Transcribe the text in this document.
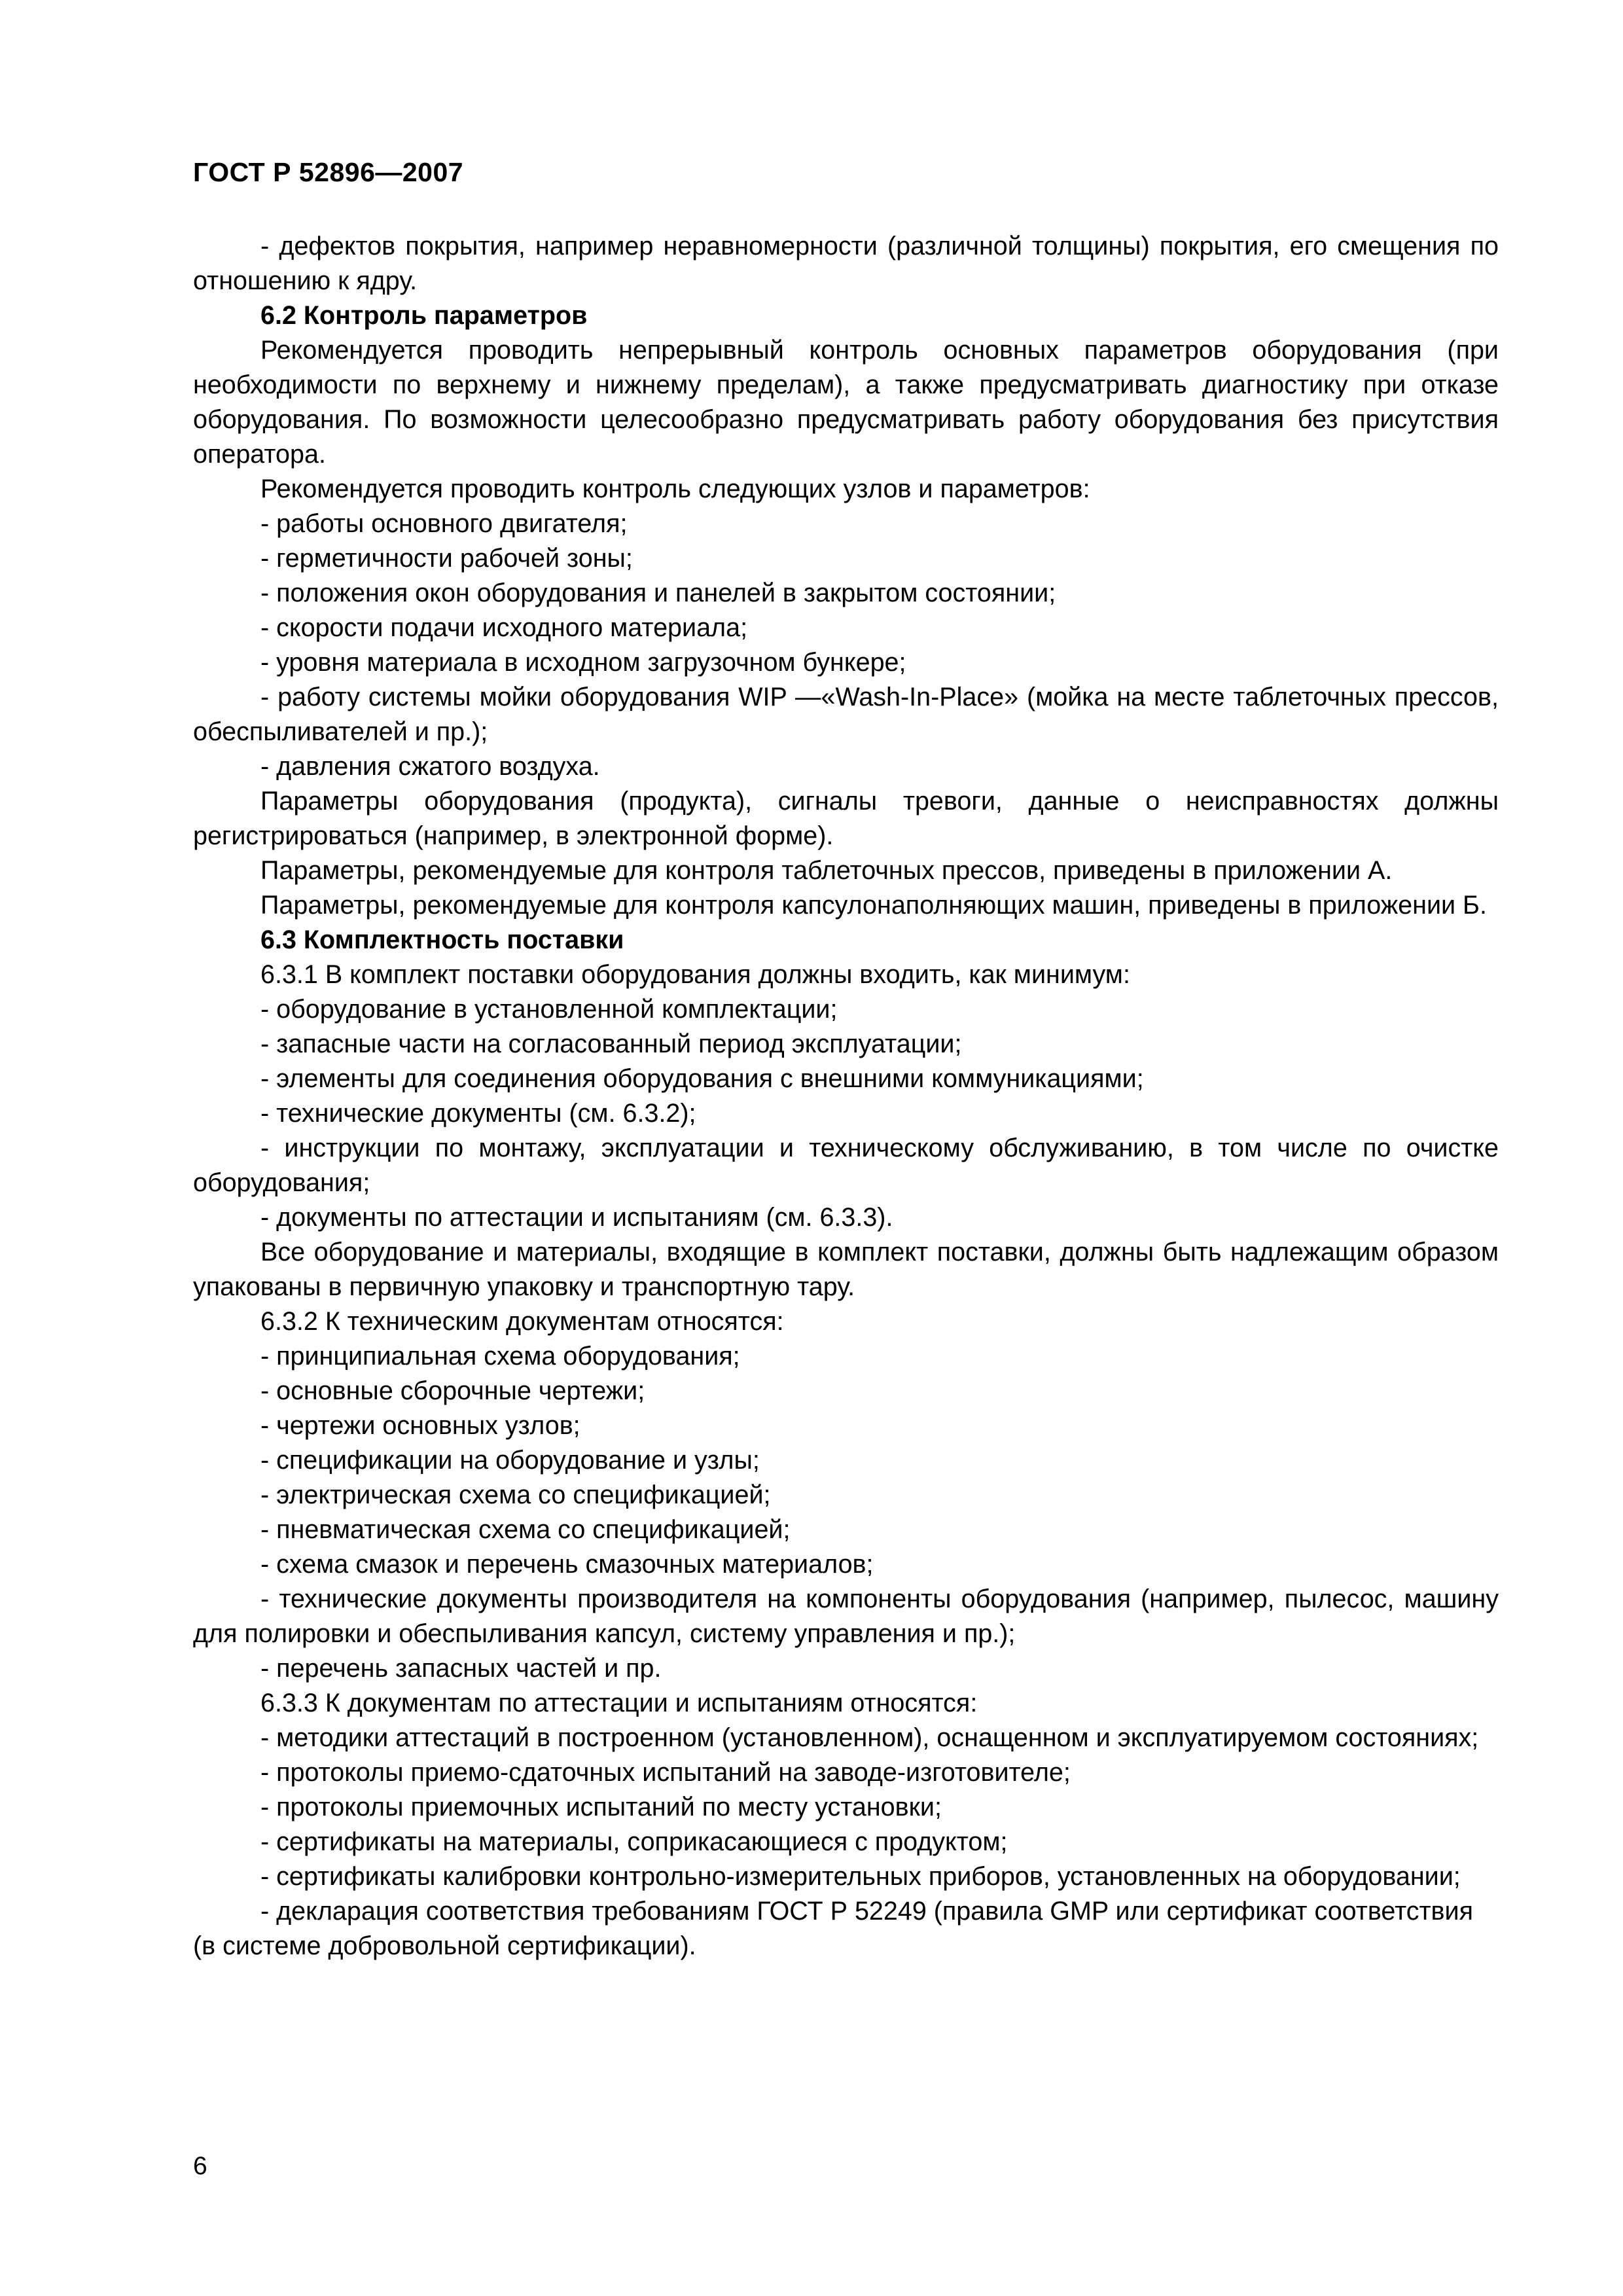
ГОСТ Р 52896—2007

- дефектов покрытия, например неравномерности (различной толщины) покрытия, его смещения по отношению к ядру.

6.2 Контроль параметров

Рекомендуется проводить непрерывный контроль основных параметров оборудования (при необходимости по верхнему и нижнему пределам), а также предусматривать диагностику при отказе оборудования. По возможности целесообразно предусматривать работу оборудования без присутствия оператора.

Рекомендуется проводить контроль следующих узлов и параметров:

- работы основного двигателя;

- герметичности рабочей зоны;

- положения окон оборудования и панелей в закрытом состоянии;

- скорости подачи исходного материала;

- уровня материала в исходном загрузочном бункере;

- работу системы мойки оборудования WIP —«Wash-In-Place» (мойка на месте таблеточных прессов, обеспыливателей и пр.);

- давления сжатого воздуха.

Параметры оборудования (продукта), сигналы тревоги, данные о неисправностях должны регистрироваться (например, в электронной форме).

Параметры, рекомендуемые для контроля таблеточных прессов, приведены в приложении А.

Параметры, рекомендуемые для контроля капсулонаполняющих машин, приведены в приложении Б.

6.3 Комплектность поставки

6.3.1 В комплект поставки оборудования должны входить, как минимум:

- оборудование в установленной комплектации;

- запасные части на согласованный период эксплуатации;

- элементы для соединения оборудования с внешними коммуникациями;

- технические документы (см. 6.3.2);

- инструкции по монтажу, эксплуатации и техническому обслуживанию, в том числе по очистке оборудования;

- документы по аттестации и испытаниям (см. 6.3.3).

Все оборудование и материалы, входящие в комплект поставки, должны быть надлежащим образом упакованы в первичную упаковку и транспортную тару.

6.3.2 К техническим документам относятся:

- принципиальная схема оборудования;

- основные сборочные чертежи;

- чертежи основных узлов;

- спецификации на оборудование и узлы;

- электрическая схема со спецификацией;

- пневматическая схема со спецификацией;

- схема смазок и перечень смазочных материалов;

- технические документы производителя на компоненты оборудования (например, пылесос, машину для полировки и обеспыливания капсул, систему управления и пр.);

- перечень запасных частей и пр.

6.3.3 К документам по аттестации и испытаниям относятся:

- методики аттестаций в построенном (установленном), оснащенном и эксплуатируемом состояниях;

- протоколы приемо-сдаточных испытаний на заводе-изготовителе;

- протоколы приемочных испытаний по месту установки;

- сертификаты на материалы, соприкасающиеся с продуктом;

- сертификаты калибровки контрольно-измерительных приборов, установленных на оборудовании;

- декларация соответствия требованиям ГОСТ Р 52249 (правила GMP или сертификат соответствия (в системе добровольной сертификации).

6
